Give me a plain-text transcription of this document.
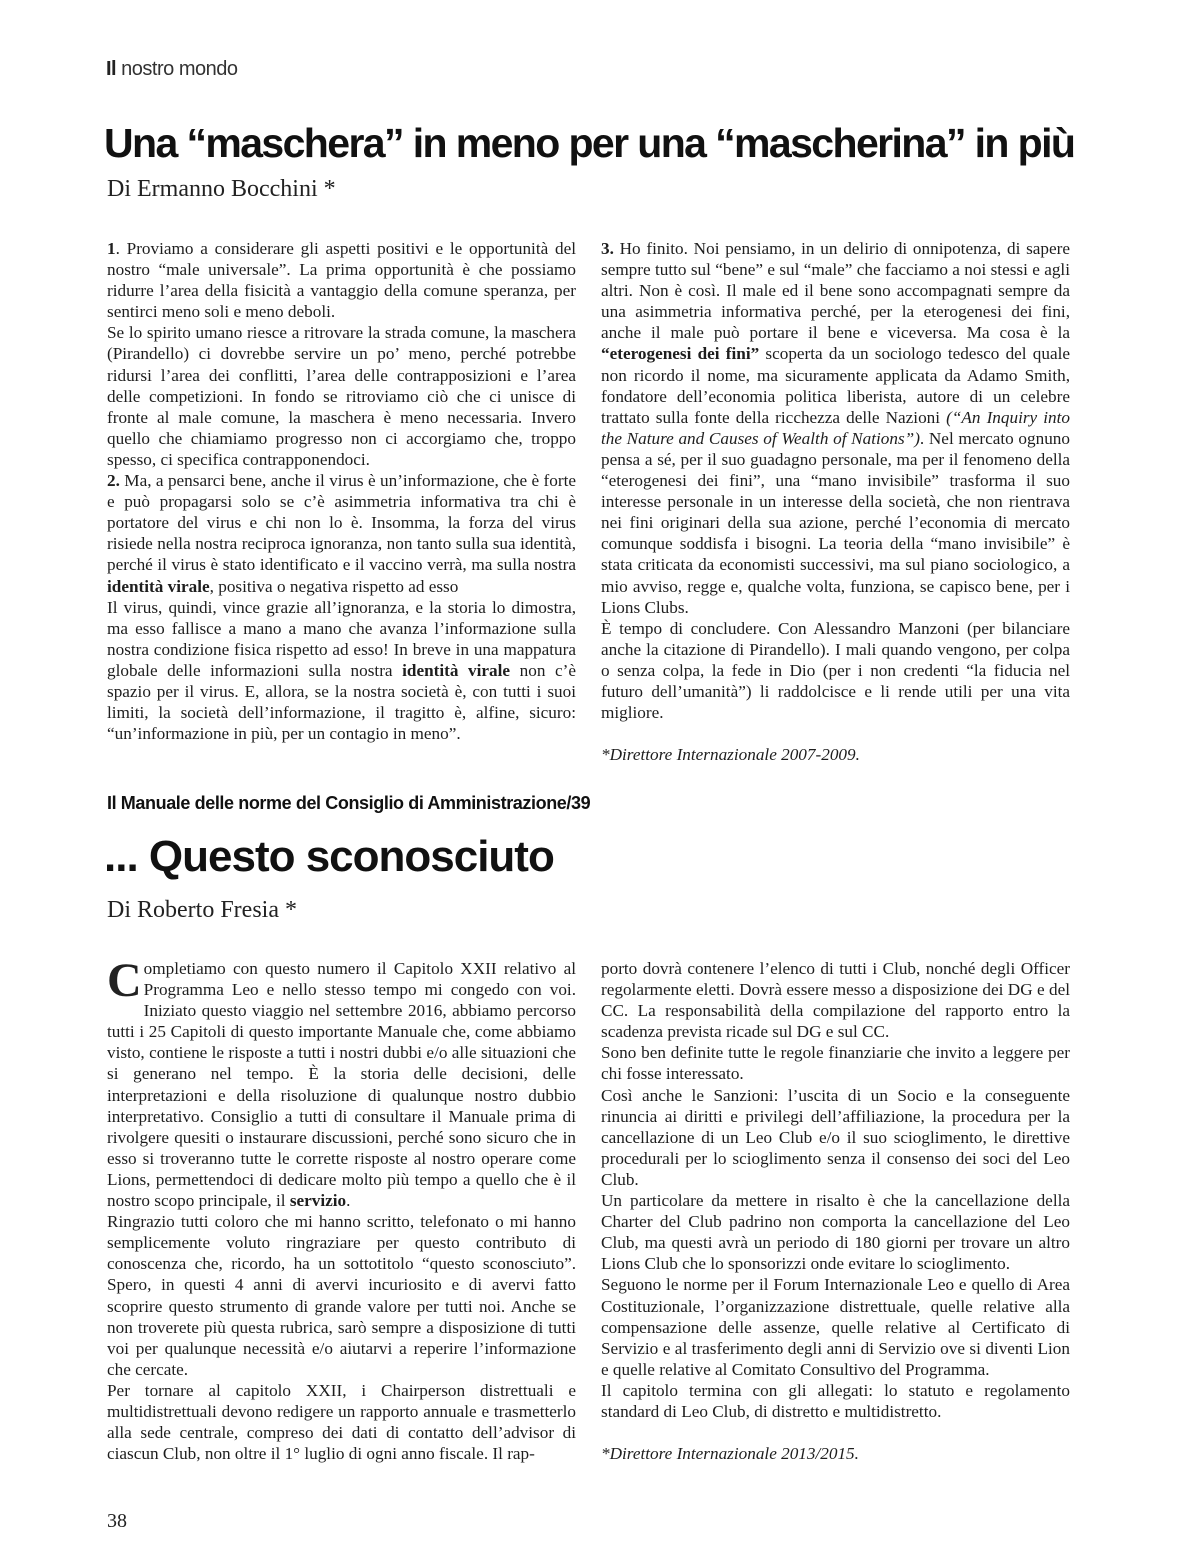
Il nostro mondo
Una “maschera” in meno per una “mascherina” in più
Di Ermanno Bocchini *

1. Proviamo a considerare gli aspetti positivi e le opportunità del nostro “male universale”. La prima opportunità è che possiamo ridurre l’area della fisicità a vantaggio della comune speranza, per sentirci meno soli e meno deboli.

Se lo spirito umano riesce a ritrovare la strada comune, la maschera (Pirandello) ci dovrebbe servire un po’ meno, perché potrebbe ridursi l’area dei conflitti, l’area delle contrapposizioni e l’area delle competizioni. In fondo se ritroviamo ciò che ci unisce di fronte al male comune, la maschera è meno necessaria. Invero quello che chiamiamo progresso non ci accorgiamo che, troppo spesso, ci specifica contrapponendoci.

2. Ma, a pensarci bene, anche il virus è un’informazione, che è forte e può propagarsi solo se c’è asimmetria informativa tra chi è portatore del virus e chi non lo è. Insomma, la forza del virus risiede nella nostra reciproca ignoranza, non tanto sulla sua identità, perché il virus è stato identificato e il vaccino verrà, ma sulla nostra identità virale, positiva o negativa rispetto ad esso

Il virus, quindi, vince grazie all’ignoranza, e la storia lo dimostra, ma esso fallisce a mano a mano che avanza l’informazione sulla nostra condizione fisica rispetto ad esso! In breve in una mappatura globale delle informazioni sulla nostra identità virale non c’è spazio per il virus. E, allora, se la nostra società è, con tutti i suoi limiti, la società dell’informazione, il tragitto è, alfine, sicuro: “un’informazione in più, per un contagio in meno”.

3. Ho finito. Noi pensiamo, in un delirio di onnipotenza, di sapere sempre tutto sul “bene” e sul “male” che facciamo a noi stessi e agli altri. Non è così. Il male ed il bene sono accompagnati sempre da una asimmetria informativa perché, per la eterogenesi dei fini, anche il male può portare il bene e viceversa. Ma cosa è la “eterogenesi dei fini” scoperta da un sociologo tedesco del quale non ricordo il nome, ma sicuramente applicata da Adamo Smith, fondatore dell’economia politica liberista, autore di un celebre trattato sulla fonte della ricchezza delle Nazioni (“An Inquiry into the Nature and Causes of Wealth of Nations”). Nel mercato ognuno pensa a sé, per il suo guadagno personale, ma per il fenomeno della “eterogenesi dei fini”, una “mano invisibile” trasforma il suo interesse personale in un interesse della società, che non rientrava nei fini originari della sua azione, perché l’economia di mercato comunque soddisfa i bisogni. La teoria della “mano invisibile” è stata criticata da economisti successivi, ma sul piano sociologico, a mio avviso, regge e, qualche volta, funziona, se capisco bene, per i Lions Clubs.

È tempo di concludere. Con Alessandro Manzoni (per bilanciare anche la citazione di Pirandello). I mali quando vengono, per colpa o senza colpa, la fede in Dio (per i non credenti “la fiducia nel futuro dell’umanità”) li raddolcisce e li rende utili per una vita migliore.

*Direttore Internazionale 2007-2009.

Il Manuale delle norme del Consiglio di Amministrazione/39
... Questo sconosciuto
Di Roberto Fresia *

Completiamo con questo numero il Capitolo XXII relativo al Programma Leo e nello stesso tempo mi congedo con voi. Iniziato questo viaggio nel settembre 2016, abbiamo percorso tutti i 25 Capitoli di questo importante Manuale che, come abbiamo visto, contiene le risposte a tutti i nostri dubbi e/o alle situazioni che si generano nel tempo. È la storia delle decisioni, delle interpretazioni e della risoluzione di qualunque nostro dubbio interpretativo. Consiglio a tutti di consultare il Manuale prima di rivolgere quesiti o instaurare discussioni, perché sono sicuro che in esso si troveranno tutte le corrette risposte al nostro operare come Lions, permettendoci di dedicare molto più tempo a quello che è il nostro scopo principale, il servizio.

Ringrazio tutti coloro che mi hanno scritto, telefonato o mi hanno semplicemente voluto ringraziare per questo contributo di conoscenza che, ricordo, ha un sottotitolo “questo sconosciuto”. Spero, in questi 4 anni di avervi incuriosito e di avervi fatto scoprire questo strumento di grande valore per tutti noi. Anche se non troverete più questa rubrica, sarò sempre a disposizione di tutti voi per qualunque necessità e/o aiutarvi a reperire l’informazione che cercate.

Per tornare al capitolo XXII, i Chairperson distrettuali e multidistrettuali devono redigere un rapporto annuale e trasmetterlo alla sede centrale, compreso dei dati di contatto dell’advisor di ciascun Club, non oltre il 1° luglio di ogni anno fiscale. Il rap-

porto dovrà contenere l’elenco di tutti i Club, nonché degli Officer regolarmente eletti. Dovrà essere messo a disposizione dei DG e del CC. La responsabilità della compilazione del rapporto entro la scadenza prevista ricade sul DG e sul CC.

Sono ben definite tutte le regole finanziarie che invito a leggere per chi fosse interessato.

Così anche le Sanzioni: l’uscita di un Socio e la conseguente rinuncia ai diritti e privilegi dell’affiliazione, la procedura per la cancellazione di un Leo Club e/o il suo scioglimento, le direttive procedurali per lo scioglimento senza il consenso dei soci del Leo Club.

Un particolare da mettere in risalto è che la cancellazione della Charter del Club padrino non comporta la cancellazione del Leo Club, ma questi avrà un periodo di 180 giorni per trovare un altro Lions Club che lo sponsorizzi onde evitare lo scioglimento.

Seguono le norme per il Forum Internazionale Leo e quello di Area Costituzionale, l’organizzazione distrettuale, quelle relative alla compensazione delle assenze, quelle relative al Certificato di Servizio e al trasferimento degli anni di Servizio ove si diventi Lion e quelle relative al Comitato Consultivo del Programma.

Il capitolo termina con gli allegati: lo statuto e regolamento standard di Leo Club, di distretto e multidistretto.

*Direttore Internazionale 2013/2015.

38
